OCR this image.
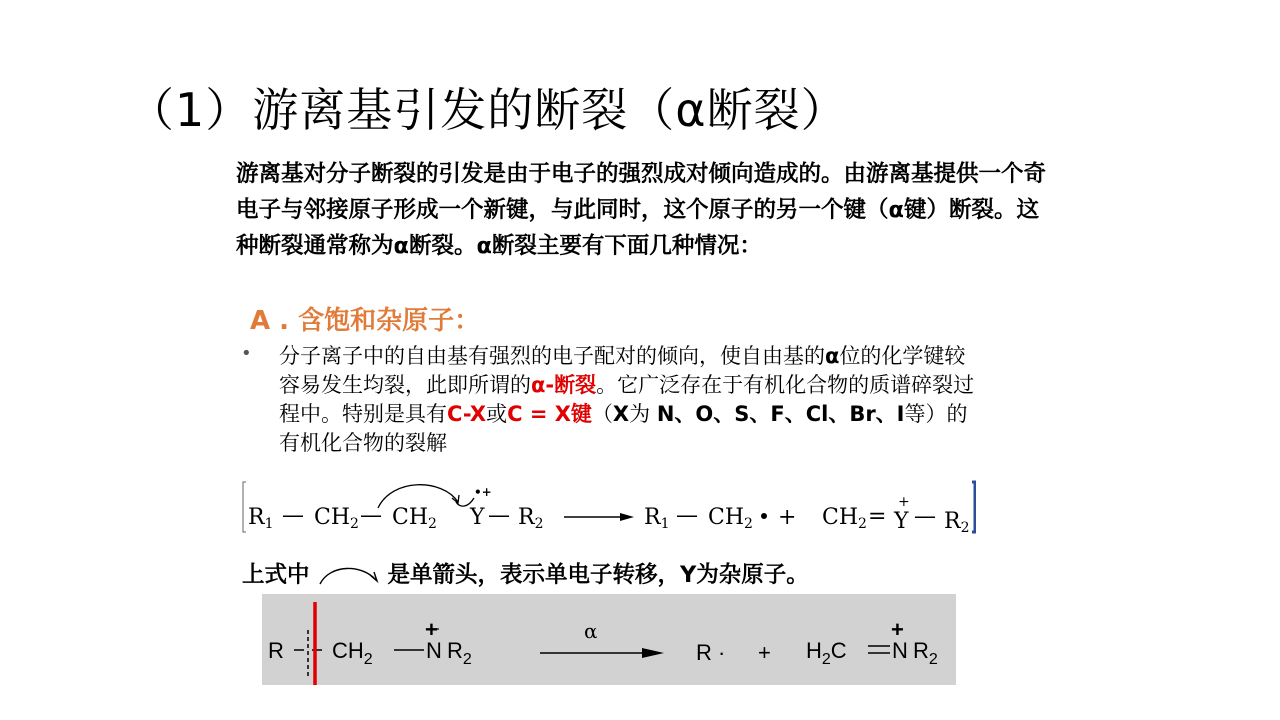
（1）游离基引发的断裂（α断裂）
游离基对分子断裂的引发是由于电子的强烈成对倾向造成的。由游离基提供一个奇电子与邻接原子形成一个新键，与此同时，这个原子的另一个键（α键）断裂。这种断裂通常称为α断裂。α断裂主要有下面几种情况：
A . 含饱和杂原子：
• 分子离子中的自由基有强烈的电子配对的倾向，使自由基的α位的化学键较容易发生均裂，此即所谓的α-断裂。它广泛存在于有机化合物的质谱碎裂过程中。特别是具有C-X或C = X键（X为 N、O、S、F、Cl、Br、I等）的有机化合物的裂解
R1 — CH2 — CH2 Y
•+
— R2	R1 — CH2 + CH2 = Y
+
— R2
上式中	是单箭头，表示单电子转移，Y为杂原子。
R $CH_2$ N
+
$R_2$
α
R · + $H_2C$ N
+
$R_2$
